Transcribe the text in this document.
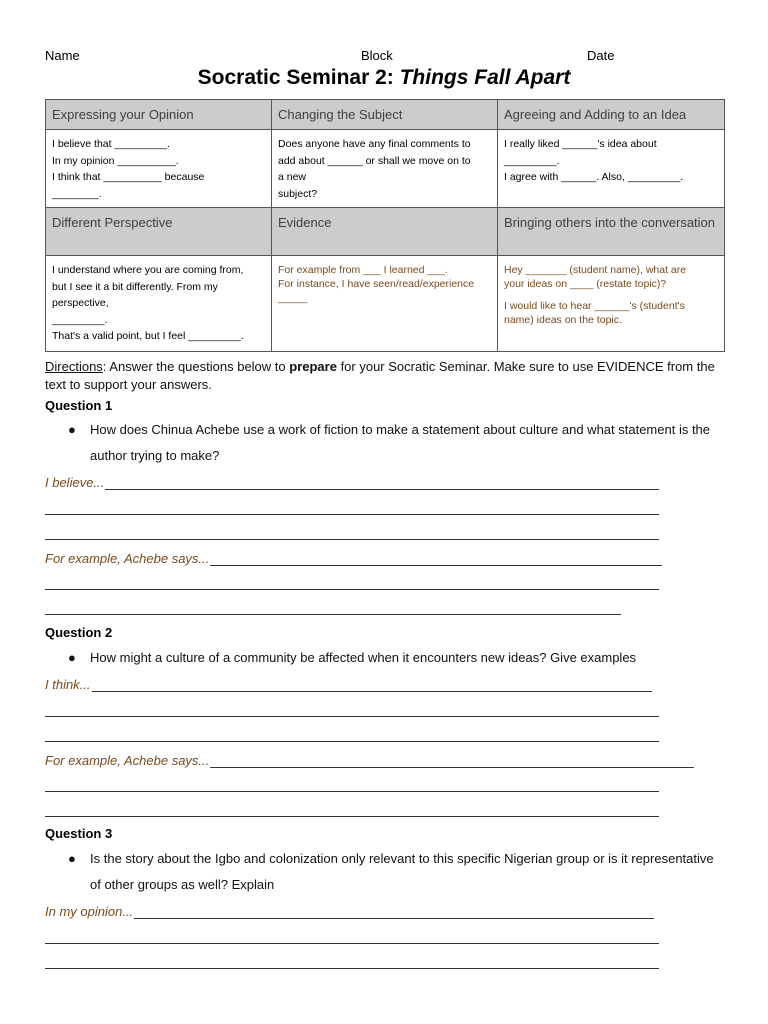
Name	Block	Date
Socratic Seminar 2: Things Fall Apart
Expressing your Opinion	Changing the Subject	Agreeing and Adding to an Idea

I believe that _________.
In my opinion __________.
I think that __________ because
________.	Does anyone have any final comments to
add about ______ or shall we move on to
a new
subject?	I really liked ______'s idea about
_________.
I agree with ______. Also, _________.

Different Perspective	Evidence	Bringing others into the conversation

I understand where you are coming from,
but I see it a bit differently. From my
perspective,
_________.
That's a valid point, but I feel _________.	For example from ___ I learned ___.
For instance, I have seen/read/experience
_____	Hey _______ (student name), what are
your ideas on ____ (restate topic)?
I would like to hear ______'s (student's
name) ideas on the topic.
Directions: Answer the questions below to prepare for your Socratic Seminar. Make sure to use EVIDENCE from the text to support your answers.
Question 1
● How does Chinua Achebe use a work of fiction to make a statement about culture and what statement is the author trying to make?
I believe...
For example, Achebe says...
Question 2
● How might a culture of a community be affected when it encounters new ideas? Give examples
I think...
For example, Achebe says...
Question 3
● Is the story about the Igbo and colonization only relevant to this specific Nigerian group or is it representative of other groups as well? Explain
In my opinion...
